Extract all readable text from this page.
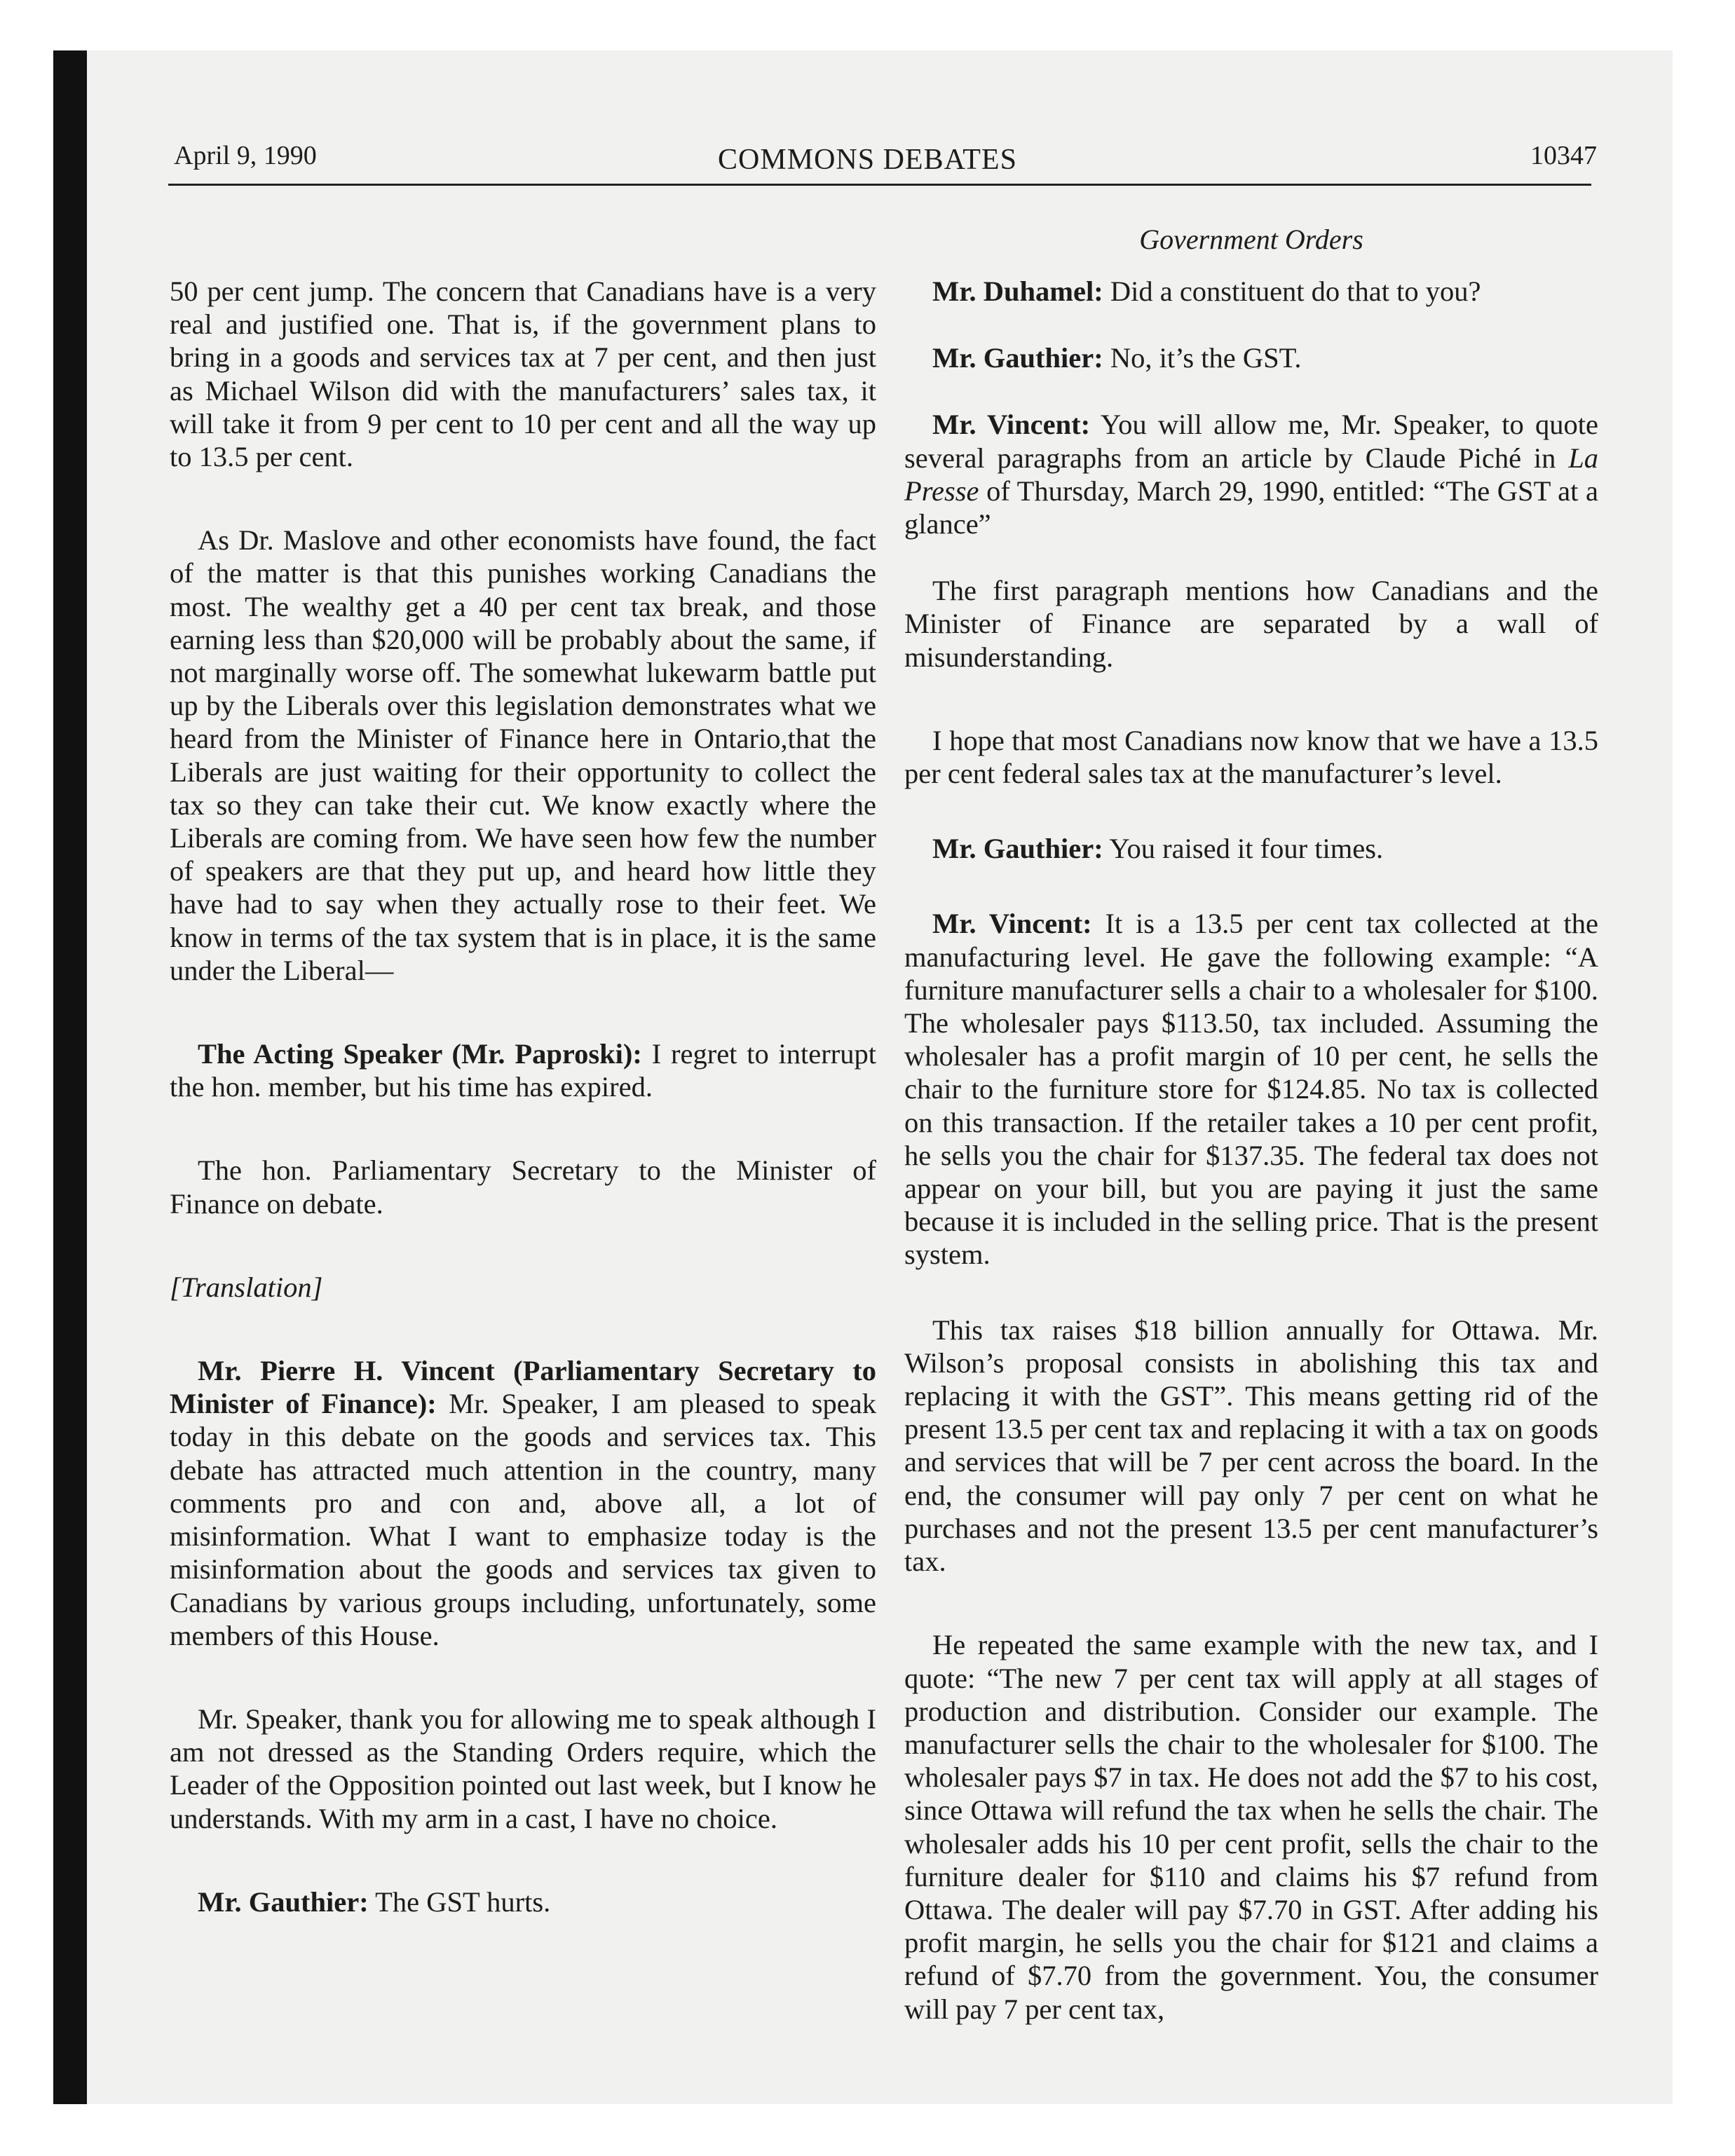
April 9, 1990	COMMONS DEBATES	10347
Government Orders

50 per cent jump. The concern that Canadians have is a very real and justified one. That is, if the government plans to bring in a goods and services tax at 7 per cent, and then just as Michael Wilson did with the manufacturers’ sales tax, it will take it from 9 per cent to 10 per cent and all the way up to 13.5 per cent.

As Dr. Maslove and other economists have found, the fact of the matter is that this punishes working Canadians the most. The wealthy get a 40 per cent tax break, and those earning less than $20,000 will be probably about the same, if not marginally worse off. The somewhat lukewarm battle put up by the Liberals over this legislation demonstrates what we heard from the Minister of Finance here in Ontario,that the Liberals are just waiting for their opportunity to collect the tax so they can take their cut. We know exactly where the Liberals are coming from. We have seen how few the number of speakers are that they put up, and heard how little they have had to say when they actually rose to their feet. We know in terms of the tax system that is in place, it is the same under the Liberal—

The Acting Speaker (Mr. Paproski): I regret to interrupt the hon. member, but his time has expired.

The hon. Parliamentary Secretary to the Minister of Finance on debate.

[Translation]

Mr. Pierre H. Vincent (Parliamentary Secretary to Minister of Finance): Mr. Speaker, I am pleased to speak today in this debate on the goods and services tax. This debate has attracted much attention in the country, many comments pro and con and, above all, a lot of misinformation. What I want to emphasize today is the misinformation about the goods and services tax given to Canadians by various groups including, unfortunately, some members of this House.

Mr. Speaker, thank you for allowing me to speak although I am not dressed as the Standing Orders require, which the Leader of the Opposition pointed out last week, but I know he understands. With my arm in a cast, I have no choice.

Mr. Gauthier: The GST hurts.

Mr. Duhamel: Did a constituent do that to you?

Mr. Gauthier: No, it’s the GST.

Mr. Vincent: You will allow me, Mr. Speaker, to quote several paragraphs from an article by Claude Piché in La Presse of Thursday, March 29, 1990, entitled: “The GST at a glance”

The first paragraph mentions how Canadians and the Minister of Finance are separated by a wall of misunderstanding.

I hope that most Canadians now know that we have a 13.5 per cent federal sales tax at the manufacturer’s level.

Mr. Gauthier: You raised it four times.

Mr. Vincent: It is a 13.5 per cent tax collected at the manufacturing level. He gave the following example: “A furniture manufacturer sells a chair to a wholesaler for $100. The wholesaler pays $113.50, tax included. Assuming the wholesaler has a profit margin of 10 per cent, he sells the chair to the furniture store for $124.85. No tax is collected on this transaction. If the retailer takes a 10 per cent profit, he sells you the chair for $137.35. The federal tax does not appear on your bill, but you are paying it just the same because it is included in the selling price. That is the present system.

This tax raises $18 billion annually for Ottawa. Mr. Wilson’s proposal consists in abolishing this tax and replacing it with the GST”. This means getting rid of the present 13.5 per cent tax and replacing it with a tax on goods and services that will be 7 per cent across the board. In the end, the consumer will pay only 7 per cent on what he purchases and not the present 13.5 per cent manufacturer’s tax.

He repeated the same example with the new tax, and I quote: “The new 7 per cent tax will apply at all stages of production and distribution. Consider our example. The manufacturer sells the chair to the wholesaler for $100. The wholesaler pays $7 in tax. He does not add the $7 to his cost, since Ottawa will refund the tax when he sells the chair. The wholesaler adds his 10 per cent profit, sells the chair to the furniture dealer for $110 and claims his $7 refund from Ottawa. The dealer will pay $7.70 in GST. After adding his profit margin, he sells you the chair for $121 and claims a refund of $7.70 from the government. You, the consumer will pay 7 per cent tax,
